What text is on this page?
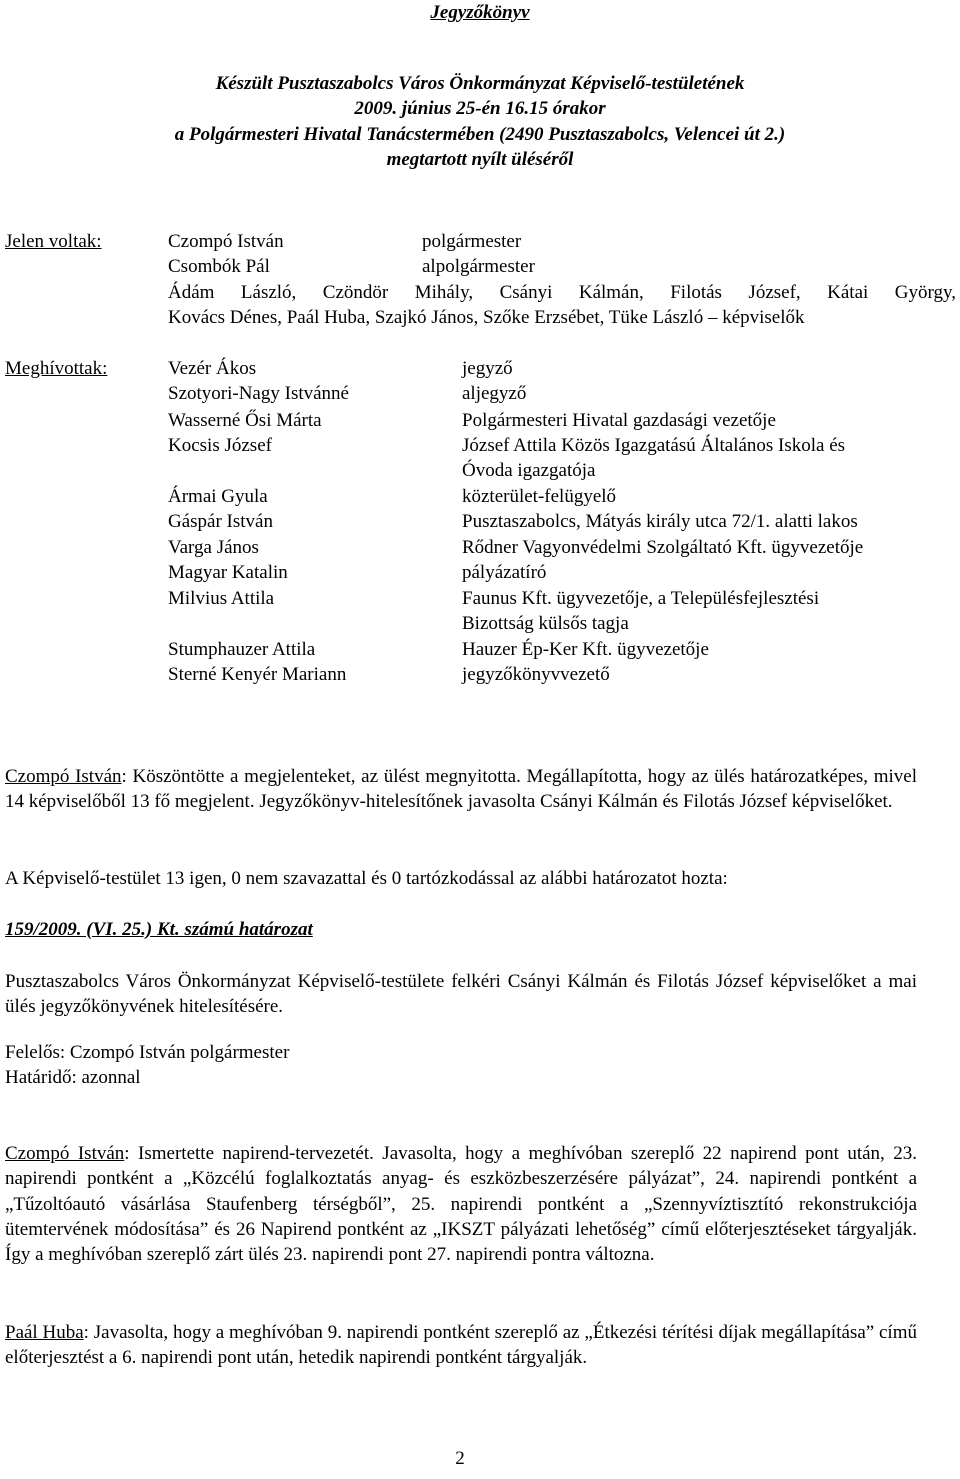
Jegyzőkönyv
Készült Pusztaszabolcs Város Önkormányzat Képviselő-testületének
2009. június 25-én 16.15 órakor
a Polgármesteri Hivatal Tanácstermében (2490 Pusztaszabolcs, Velencei út 2.)
megtartott nyílt üléséről
Jelen voltak:	Czompó István	polgármester
Csombók Pál	alpolgármester
Ádám László, Czöndör Mihály, Csányi Kálmán, Filotás József, Kátai György,
Kovács Dénes, Paál Huba, Szajkó János, Szőke Erzsébet, Tüke László – képviselők
Meghívottak:	Vezér Ákos	jegyző
Szotyori-Nagy Istvánné	aljegyző
Wasserné Ősi Márta	Polgármesteri Hivatal gazdasági vezetője
Kocsis József	József Attila Közös Igazgatású Általános Iskola és
Óvoda igazgatója
Ármai Gyula	közterület-felügyelő
Gáspár István	Pusztaszabolcs, Mátyás király utca 72/1. alatti lakos
Varga János	Rődner Vagyonvédelmi Szolgáltató Kft. ügyvezetője
Magyar Katalin	pályázatíró
Milvius Attila	Faunus Kft. ügyvezetője, a Településfejlesztési
Bizottság külsős tagja
Stumphauzer Attila	Hauzer Ép-Ker Kft. ügyvezetője
Sterné Kenyér Mariann	jegyzőkönyvvezető
Czompó István: Köszöntötte a megjelenteket, az ülést megnyitotta. Megállapította, hogy az ülés határozatképes, mivel 14 képviselőből 13 fő megjelent. Jegyzőkönyv-hitelesítőnek javasolta Csányi Kálmán és Filotás József képviselőket.
A Képviselő-testület 13 igen, 0 nem szavazattal és 0 tartózkodással az alábbi határozatot hozta:
159/2009. (VI. 25.) Kt. számú határozat
Pusztaszabolcs Város Önkormányzat Képviselő-testülete felkéri Csányi Kálmán és Filotás József képviselőket a mai ülés jegyzőkönyvének hitelesítésére.
Felelős: Czompó István polgármester
Határidő: azonnal
Czompó István: Ismertette napirend-tervezetét. Javasolta, hogy a meghívóban szereplő 22 napirend pont után, 23. napirendi pontként a „Közcélú foglalkoztatás anyag- és eszközbeszerzésére pályázat”, 24. napirendi pontként a „Tűzoltóautó vásárlása Staufenberg térségből”, 25. napirendi pontként a „Szennyvíztisztító rekonstrukciója ütemtervének módosítása” és 26 Napirend pontként az „IKSZT pályázati lehetőség” című előterjesztéseket tárgyalják. Így a meghívóban szereplő zárt ülés 23. napirendi pont 27. napirendi pontra változna.
Paál Huba: Javasolta, hogy a meghívóban 9. napirendi pontként szereplő az „Étkezési térítési díjak megállapítása” című előterjesztést a 6. napirendi pont után, hetedik napirendi pontként tárgyalják.
2
